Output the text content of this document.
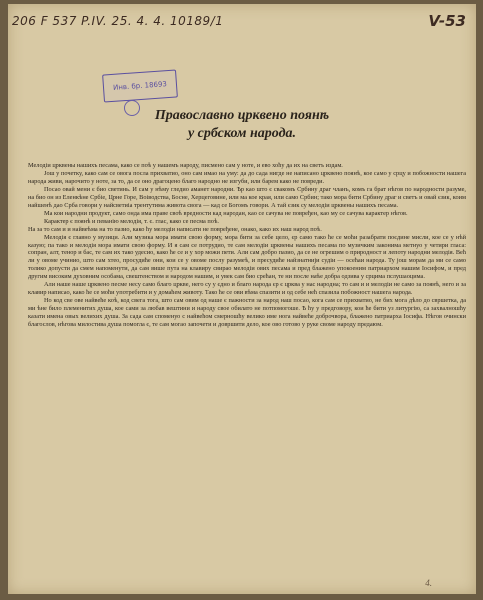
206 F 537 P.IV. 25. 4. 4. 10189/1	V-53
Инв. бр. 18693
Православно црквено поянѣ
у србском народа.

Мелодіи црквены нашихъ песама, како се поѣ у нашемъ народу, писмено сам у ноте, и ево хоћу да их на светъ издам.

Још у почетку, како сам се овога посла прихватио, оно сам имао на уму: да до сада нигде не написано црквено поянѣ, кое само у срцу и побожности нашега народа живи, нарочито у ноте, за то, да се оно драгоцено благо народно не изгуби, или барем како не повреди.

Посао овай мени є био светинь. И сам у нѣму гледио аманет народни. Ѣр као што є свакомъ Србину драг чланъ, комъ га брат нѣгов по народности разуме, на био он из Еленкѣне Србіе, Црне Горе, Воіводства, Босне, Херцеговине, или ма кое края, или само Србин; тако мора бити Србину драг и светъ и овай єзик, коим найшенѣ дао Срба говори у найсветиіа трентутима живота свога — кад се Богомъ говори. А тай єзик су мелодіи црквены нашихъ песама.

Ма кои народни продукт, само онда има праве своѣ вредности кад народан, као се сачува не повређен, као му се сачува карактер нѣгов.

Карактер є поянѣ и певанію мелодія, т. є. глас, како се песма поѣ.

На за то сам и и найвеѣма на то пазио, како ћу мелодіи написати не повређене, онако, како их наш народ поѣ.

Мелодія є главно у музици. Али музика мора имати свою форму, мора бити за себе цело, єр само тако ће се моћи разабрати поєдине мисли, кое се у нѣй казую; па тако и мелодія мора имати свою форму. И я сам се потрудио, те сам мелодіи црквены нашихъ песама по музичким законима метнуо у четири гласа: сопран, алт, тенор и бас, те сам их тако удесио, како ће се и у хор можи пети. Али сам добро пазио, да се не огрешим о природност и лепоту народни мелодія. Већ ли у овоме учинио, што сам хтео, просудиће они, кои се у овоме послу разумеѣ, и пресудиће найзнатнији судіи — осећаи народа. Ту још морам да ми се само толико допусти да смем напоменути, да сам више пута на клавиру свирао мелодіи ових песама и пред блажено упокоеним патриархом нашим Іосифом, и пред другим високим духовним особама, свештенством и народом нашим, и увек сам био срећан, те ни после наѣе добра одзива у срцима пслушаоцима.

Али наше наше црквено песме несу само благо цркве, него су у єдно и благо народа єр є црква у нас народна; то сам и и мелодіи не само за поянѣ, него и за клавир написао, како ће се моћи употребити и у домаћем животу. Тако ће се ови вѣма спазити и од себе нећ спазила побожност нашега народа.

Но код све ове найвеће коѣ, код свега тога, што сам овим од наше є пажности за народ наш посао, кога сам се прихватио, не бих мога дѣло до свршетка, да ми ѣне било племенитих душа, кое сами за любав вештини и народу свое обилато не потпомогоше. Ѣ ћу у предговору, кои ће бити уз литургію, са захвалношћу казати имена овых велихих душа. За сада сам споменуо с найвећом смерношћу велико име нога найвеће доброчвора, блажено патриарха Іосифа. Нѣгов очински благослов, нѣгова милостива душа помогла є, те сам могао започети и довршити дело, кое ово готово у руке своме народу предаюм.

4.
